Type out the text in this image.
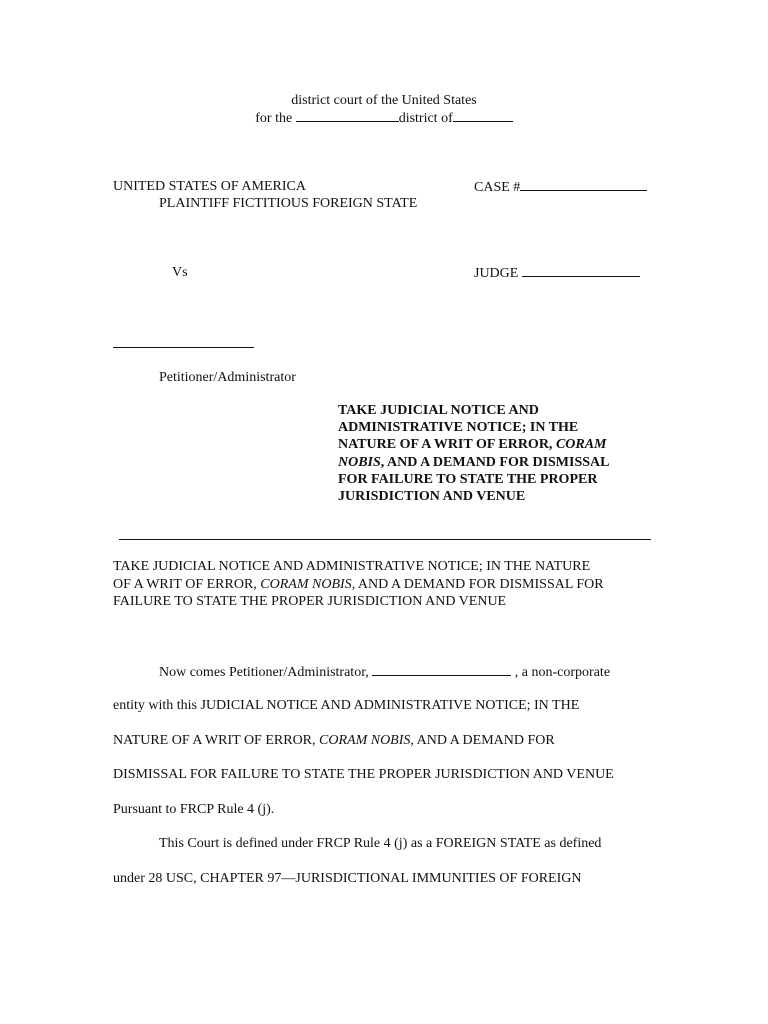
district court of the United States
for the	district of
UNITED STATES OF AMERICA	CASE #
PLAINTIFF FICTITIOUS FOREIGN STATE
Vs	JUDGE
Petitioner/Administrator
TAKE JUDICIAL NOTICE AND ADMINISTRATIVE NOTICE; IN THE NATURE OF A WRIT OF ERROR, CORAM NOBIS, AND A DEMAND FOR DISMISSAL FOR FAILURE TO STATE THE PROPER JURISDICTION AND VENUE
TAKE JUDICIAL NOTICE AND ADMINISTRATIVE NOTICE; IN THE NATURE
OF A WRIT OF ERROR, CORAM NOBIS, AND A DEMAND FOR DISMISSAL FOR
FAILURE TO STATE THE PROPER JURISDICTION AND VENUE
Now comes Petitioner/Administrator,	, a non-corporate
entity with this JUDICIAL NOTICE AND ADMINISTRATIVE NOTICE; IN THE
NATURE OF A WRIT OF ERROR, CORAM NOBIS, AND A DEMAND FOR
DISMISSAL FOR FAILURE TO STATE THE PROPER JURISDICTION AND VENUE
Pursuant to FRCP Rule 4 (j).
This Court is defined under FRCP Rule 4 (j) as a FOREIGN STATE as defined
under 28 USC, CHAPTER 97—JURISDICTIONAL IMMUNITIES OF FOREIGN
